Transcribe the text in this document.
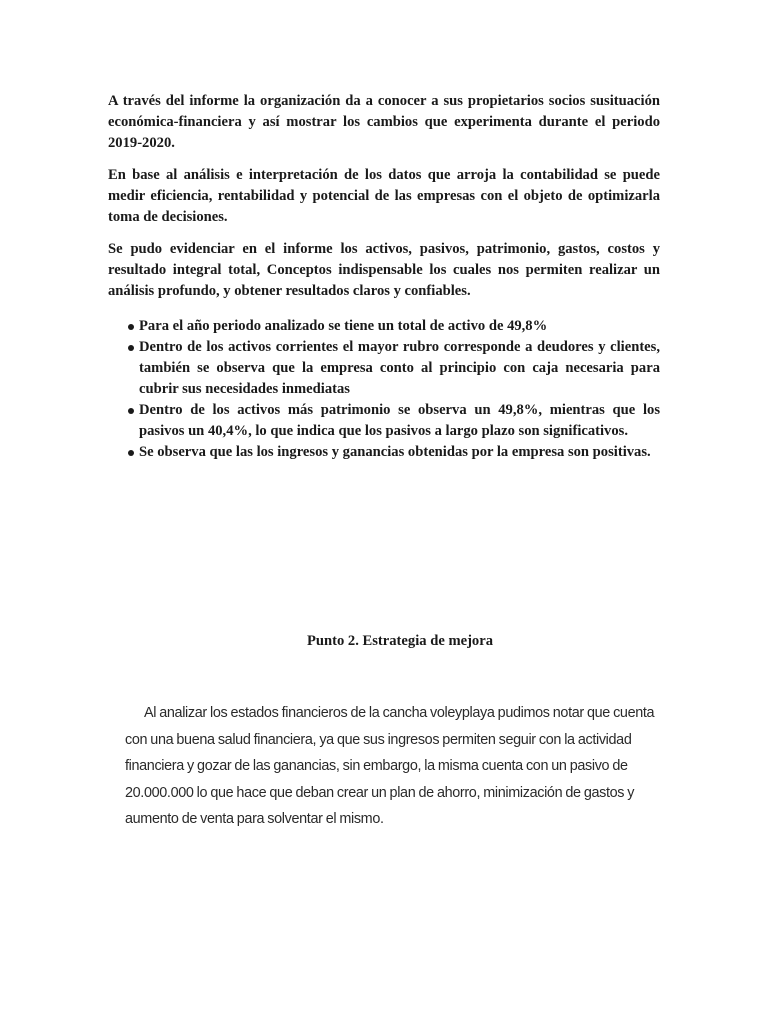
A través del informe la organización da a conocer a sus propietarios socios susituación económica-financiera y así mostrar los cambios que experimenta durante el periodo 2019-2020.

En base al análisis e interpretación de los datos que arroja la contabilidad se puede medir eficiencia, rentabilidad y potencial de las empresas con el objeto de optimizarla toma de decisiones.

Se pudo evidenciar en el informe los activos, pasivos, patrimonio, gastos, costos y resultado integral total, Conceptos indispensable los cuales nos permiten realizar un análisis profundo, y obtener resultados claros y confiables.

Para el año periodo analizado se tiene un total de activo de 49,8%
Dentro de los activos corrientes el mayor rubro corresponde a deudores y clientes, también se observa que la empresa conto al principio con caja necesaria para cubrir sus necesidades inmediatas
Dentro de los activos más patrimonio se observa un 49,8%, mientras que los pasivos un 40,4%, lo que indica que los pasivos a largo plazo son significativos.
Se observa que las los ingresos y ganancias obtenidas por la empresa son positivas.
Punto 2. Estrategia de mejora

Al analizar los estados financieros de la cancha voleyplaya pudimos notar que cuenta con una buena salud financiera, ya que sus ingresos permiten seguir con la actividad financiera y gozar de las ganancias, sin embargo, la misma cuenta con un pasivo de 20.000.000 lo que hace que deban crear un plan de ahorro, minimización de gastos y aumento de venta para solventar el mismo.
